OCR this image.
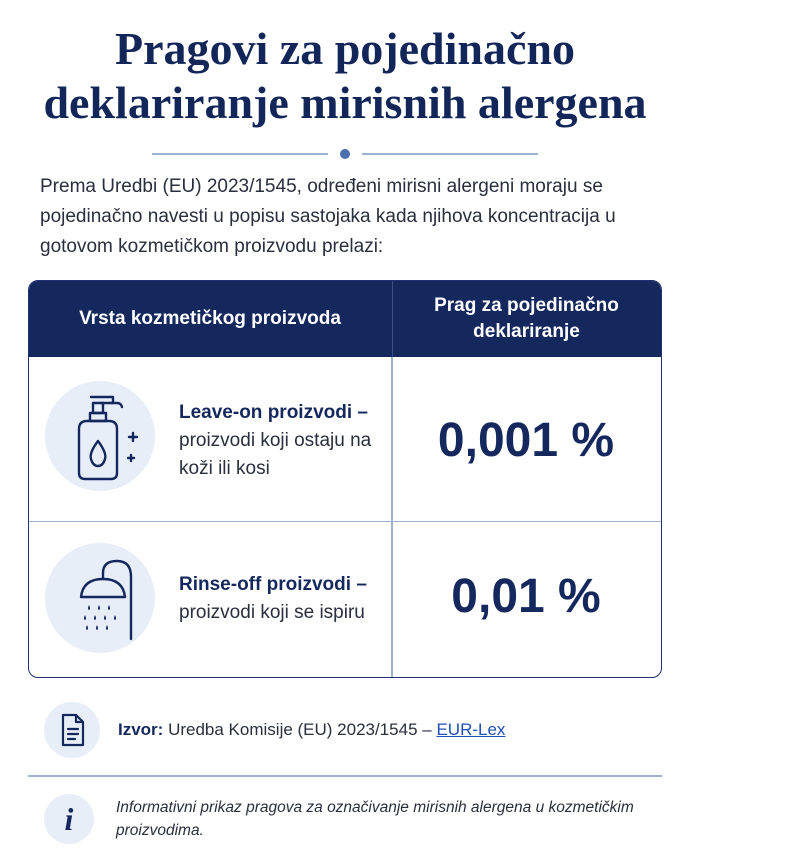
Pragovi za pojedinačno
deklariranje mirisnih alergena
Prema Uredbi (EU) 2023/1545, određeni mirisni alergeni moraju se pojedinačno navesti u popisu sastojaka kada njihova koncentracija u gotovom kozmetičkom proizvodu prelazi:
Vrsta kozmetičkog proizvoda
Prag za pojedinačno deklariranje
Leave-on proizvodi –
proizvodi koji ostaju na koži ili kosi
0,001 %
Rinse-off proizvodi –
proizvodi koji se ispiru	0,01 %
Izvor: Uredba Komisije (EU) 2023/1545 – EUR-Lex
i	Informativni prikaz pragova za označivanje mirisnih alergena u kozmetičkim proizvodima.
